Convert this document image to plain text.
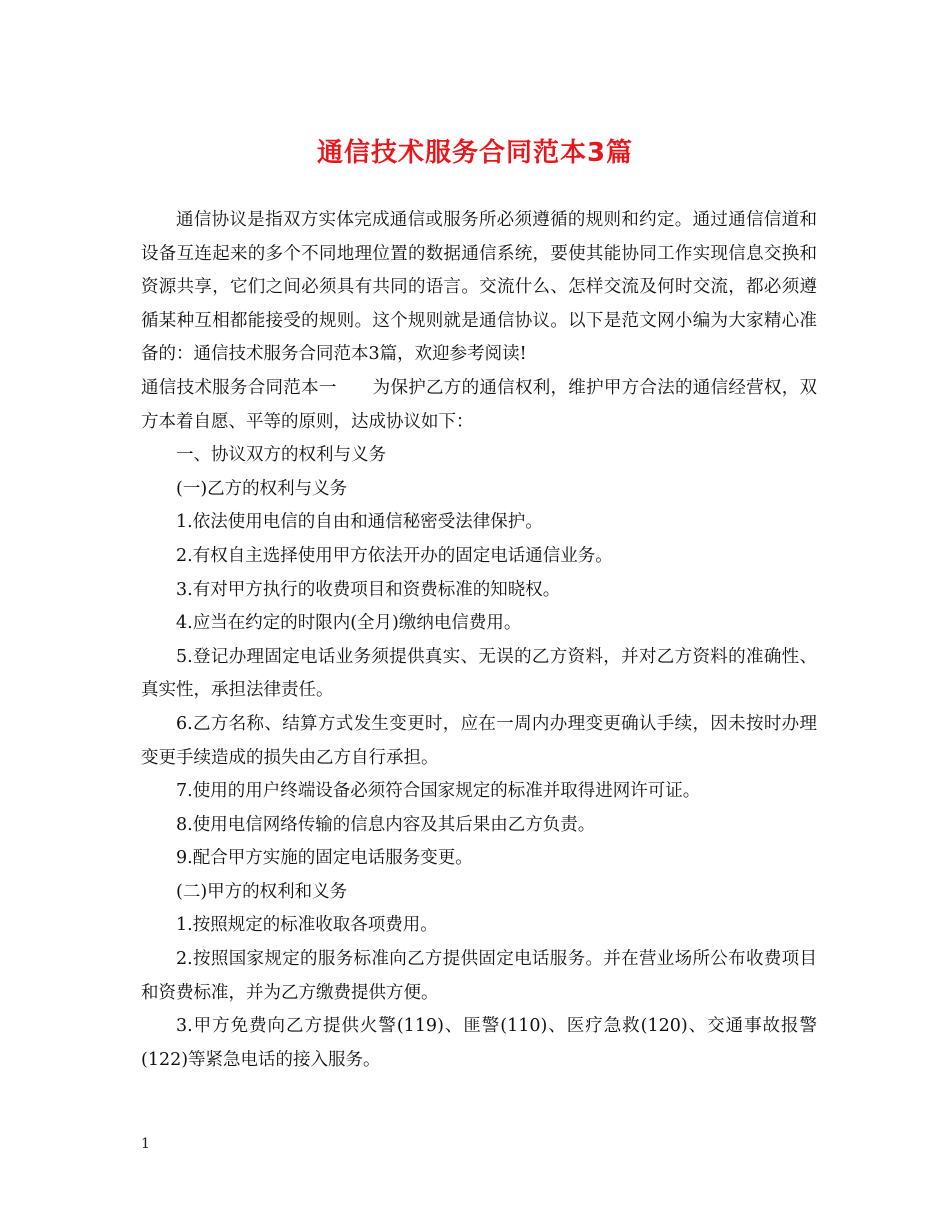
通信技术服务合同范本3篇

通信协议是指双方实体完成通信或服务所必须遵循的规则和约定。通过通信信道和设备互连起来的多个不同地理位置的数据通信系统，要使其能协同工作实现信息交换和资源共享，它们之间必须具有共同的语言。交流什么、怎样交流及何时交流，都必须遵循某种互相都能接受的规则。这个规则就是通信协议。以下是范文网小编为大家精心准备的：通信技术服务合同范本3篇，欢迎参考阅读!

通信技术服务合同范本一 为保护乙方的通信权利，维护甲方合法的通信经营权，双方本着自愿、平等的原则，达成协议如下：

一、协议双方的权利与义务

(一)乙方的权利与义务

1.依法使用电信的自由和通信秘密受法律保护。

2.有权自主选择使用甲方依法开办的固定电话通信业务。

3.有对甲方执行的收费项目和资费标准的知晓权。

4.应当在约定的时限内(全月)缴纳电信费用。

5.登记办理固定电话业务须提供真实、无误的乙方资料，并对乙方资料的准确性、真实性，承担法律责任。

6.乙方名称、结算方式发生变更时，应在一周内办理变更确认手续，因未按时办理变更手续造成的损失由乙方自行承担。

7.使用的用户终端设备必须符合国家规定的标准并取得进网许可证。

8.使用电信网络传输的信息内容及其后果由乙方负责。

9.配合甲方实施的固定电话服务变更。

(二)甲方的权利和义务

1.按照规定的标准收取各项费用。

2.按照国家规定的服务标准向乙方提供固定电话服务。并在营业场所公布收费项目和资费标准，并为乙方缴费提供方便。

3.甲方免费向乙方提供火警(119)、匪警(110)、医疗急救(120)、交通事故报警(122)等紧急电话的接入服务。

1
